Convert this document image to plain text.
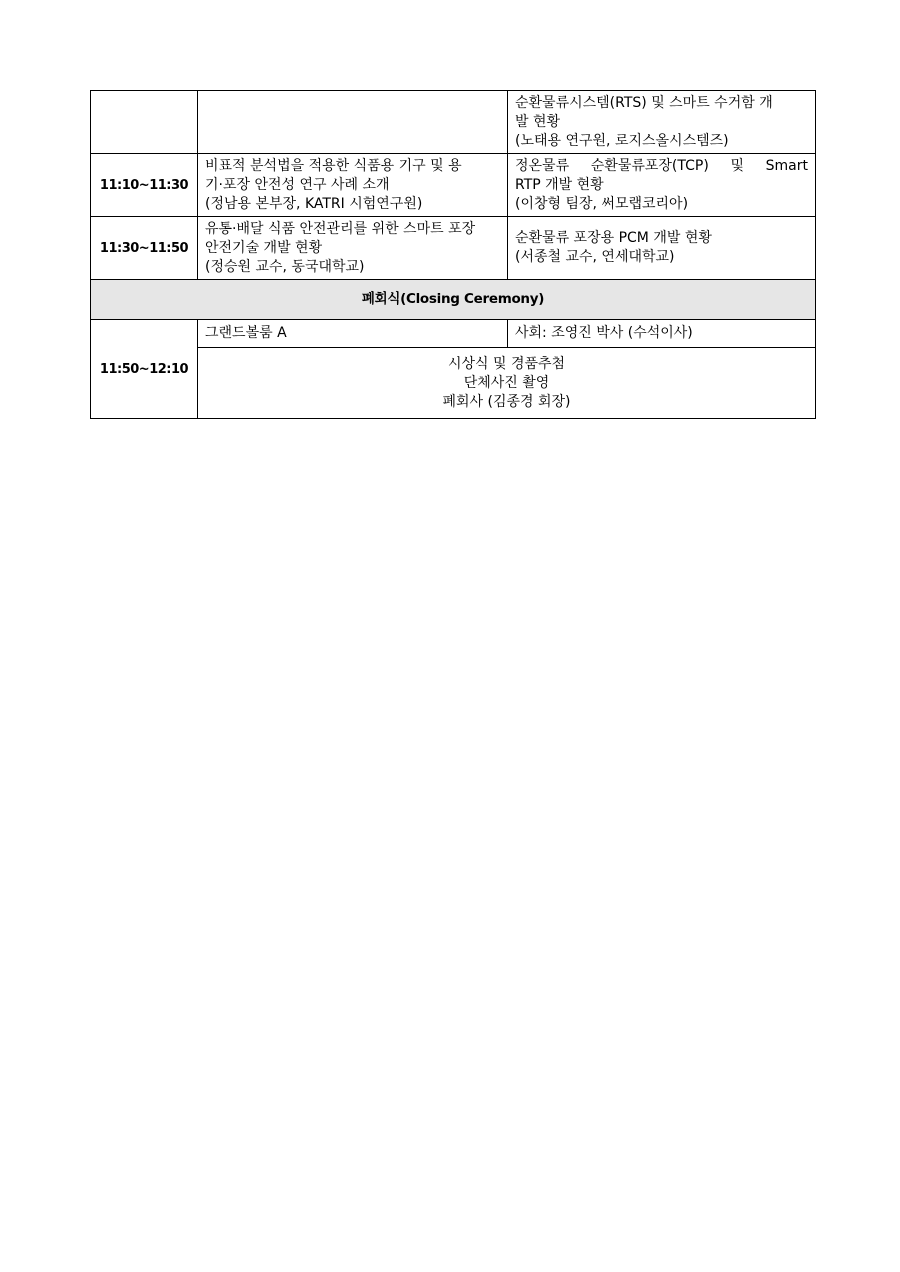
		순환물류시스템(RTS) 및 스마트 수거함 개
발 현황
(노태용 연구원, 로지스올시스템즈)

11:10~11:30	비표적 분석법을 적용한 식품용 기구 및 용
기·포장 안전성 연구 사례 소개
(정남용 본부장, KATRI 시험연구원)	정온물류 순환물류포장(TCP) 및 Smart
RTP 개발 현황
(이창형 팀장, 써모랩코리아)

11:30~11:50	유통·배달 식품 안전관리를 위한 스마트 포장
안전기술 개발 현황
(정승원 교수, 동국대학교)	순환물류 포장용 PCM 개발 현황
(서종철 교수, 연세대학교)

폐회식(Closing Ceremony)		
11:50~12:10	그랜드볼룸 A	사회: 조영진 박사 (수석이사)

	시상식 및 경품추첨
단체사진 촬영
폐회사 (김종경 회장)	
